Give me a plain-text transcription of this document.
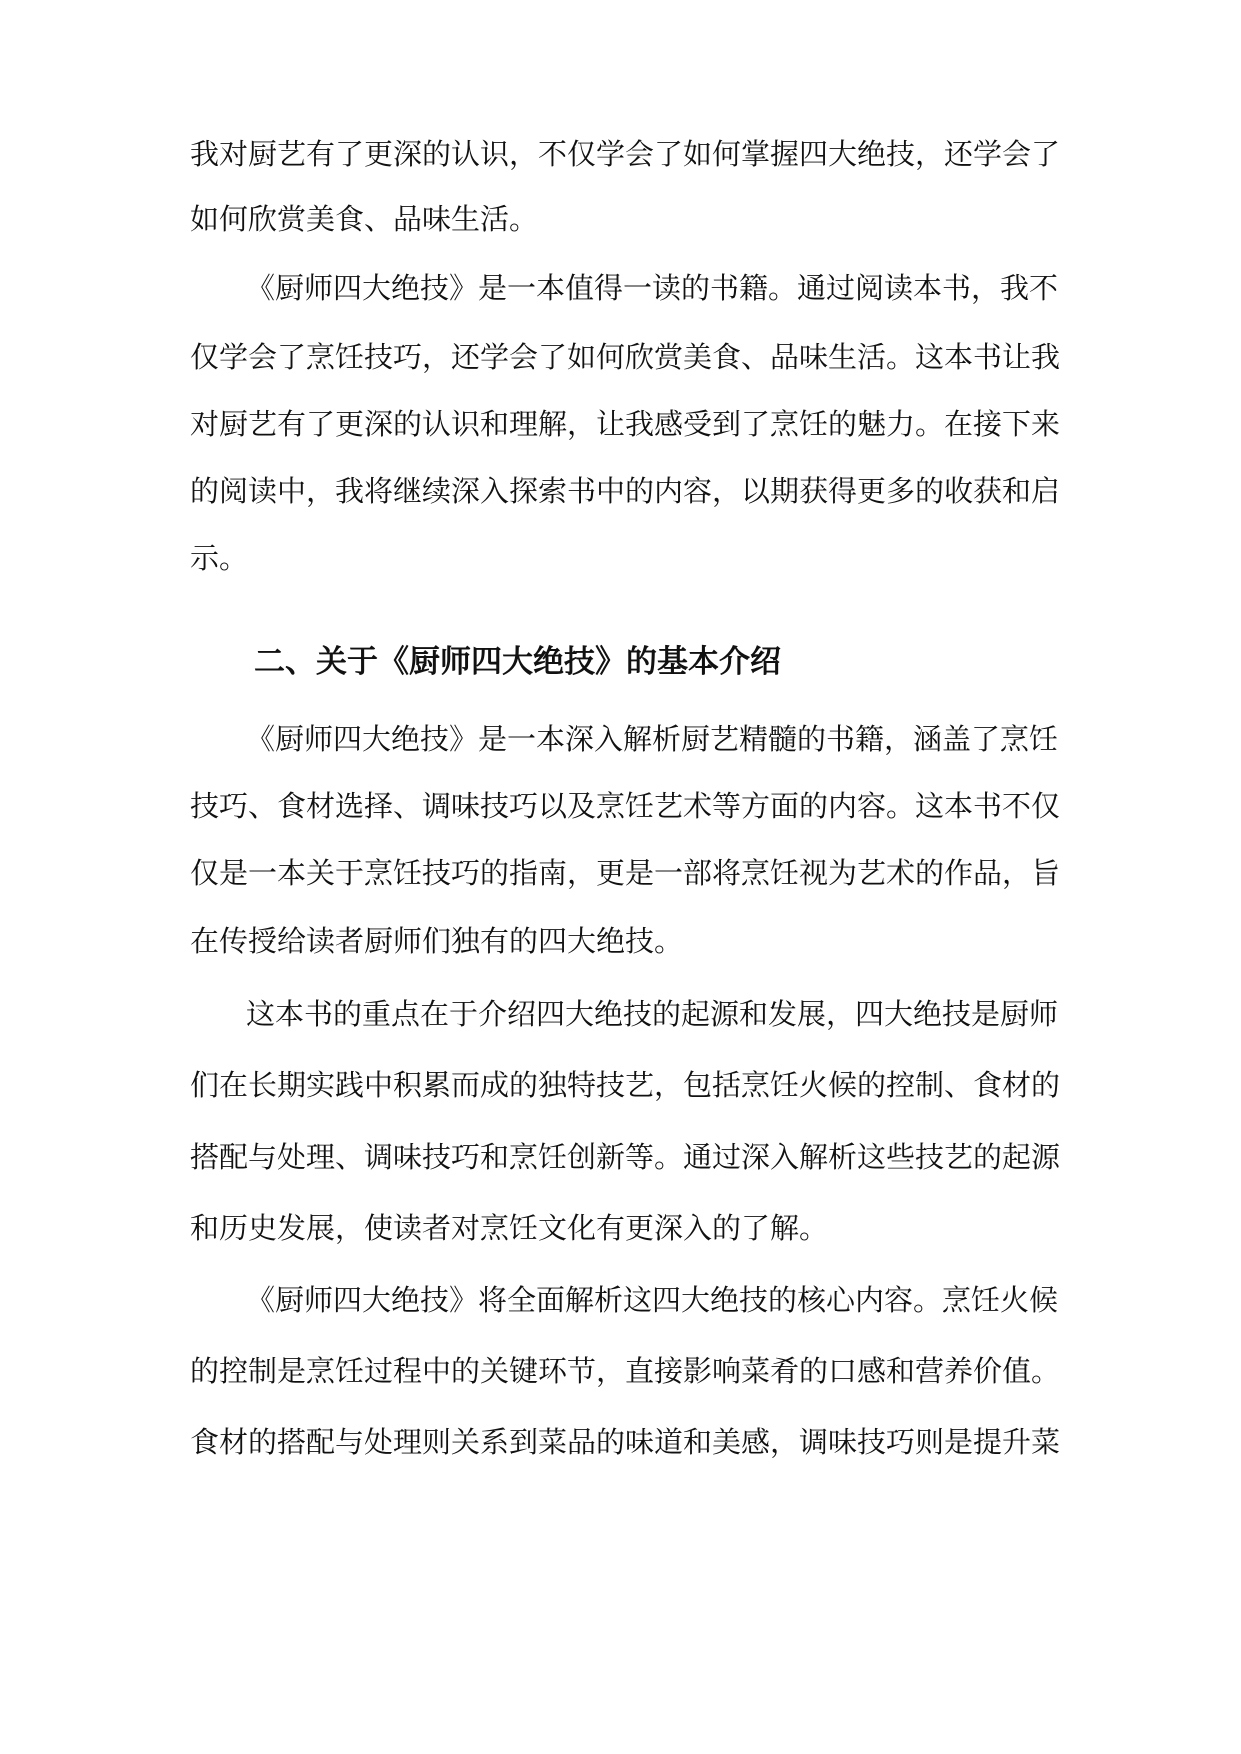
我对厨艺有了更深的认识，不仅学会了如何掌握四大绝技，还学会了
如何欣赏美食、品味生活。
《厨师四大绝技》是一本值得一读的书籍。通过阅读本书，我不
仅学会了烹饪技巧，还学会了如何欣赏美食、品味生活。这本书让我
对厨艺有了更深的认识和理解，让我感受到了烹饪的魅力。在接下来
的阅读中，我将继续深入探索书中的内容，以期获得更多的收获和启
示。
二、关于《厨师四大绝技》的基本介绍
《厨师四大绝技》是一本深入解析厨艺精髓的书籍，涵盖了烹饪
技巧、食材选择、调味技巧以及烹饪艺术等方面的内容。这本书不仅
仅是一本关于烹饪技巧的指南，更是一部将烹饪视为艺术的作品，旨
在传授给读者厨师们独有的四大绝技。
这本书的重点在于介绍四大绝技的起源和发展，四大绝技是厨师
们在长期实践中积累而成的独特技艺，包括烹饪火候的控制、食材的
搭配与处理、调味技巧和烹饪创新等。通过深入解析这些技艺的起源
和历史发展，使读者对烹饪文化有更深入的了解。
《厨师四大绝技》将全面解析这四大绝技的核心内容。烹饪火候
的控制是烹饪过程中的关键环节，直接影响菜肴的口感和营养价值。
食材的搭配与处理则关系到菜品的味道和美感，调味技巧则是提升菜
